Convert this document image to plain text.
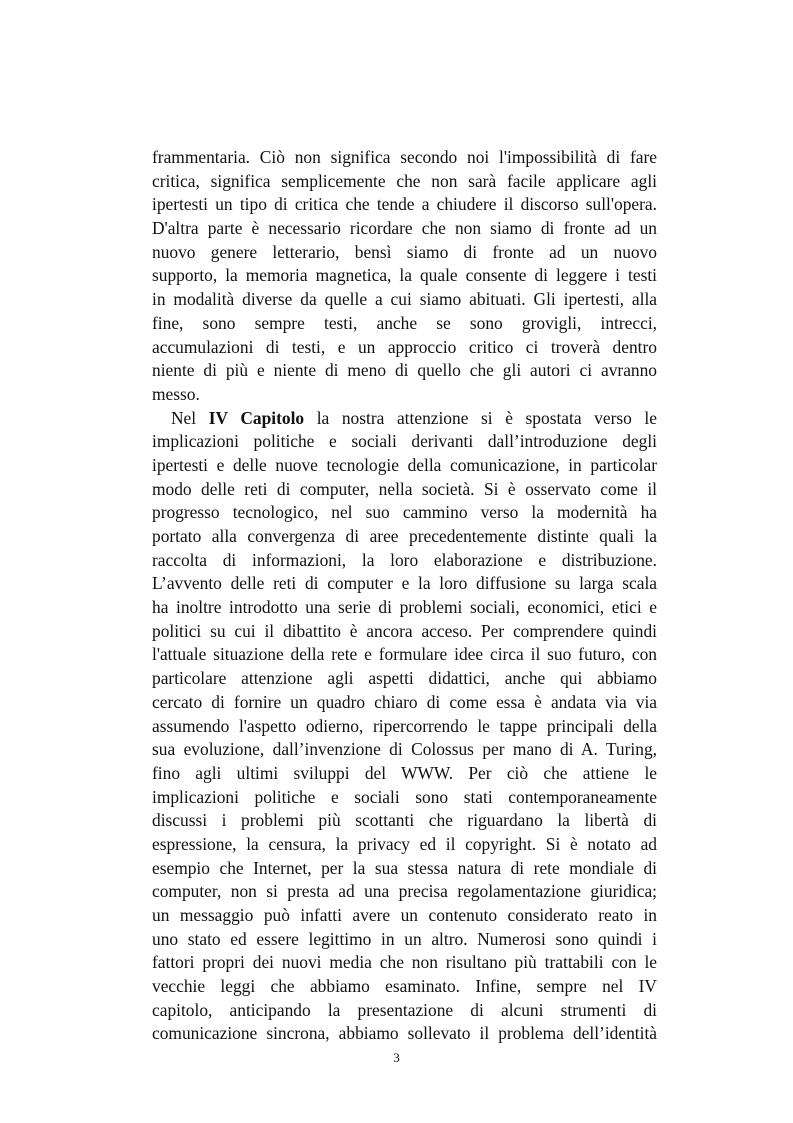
frammentaria. Ciò non significa secondo noi l'impossibilità di fare
critica, significa semplicemente che non sarà facile applicare agli
ipertesti un tipo di critica che tende a chiudere il discorso sull'opera.
D'altra parte è necessario ricordare che non siamo di fronte ad un
nuovo genere letterario, bensì siamo di fronte ad un nuovo
supporto, la memoria magnetica, la quale consente di leggere i testi
in modalità diverse da quelle a cui siamo abituati. Gli ipertesti, alla
fine, sono sempre testi, anche se sono grovigli, intrecci,
accumulazioni di testi, e un approccio critico ci troverà dentro
niente di più e niente di meno di quello che gli autori ci avranno
messo.
Nel IV Capitolo la nostra attenzione si è spostata verso le
implicazioni politiche e sociali derivanti dall’introduzione degli
ipertesti e delle nuove tecnologie della comunicazione, in particolar
modo delle reti di computer, nella società. Si è osservato come il
progresso tecnologico, nel suo cammino verso la modernità ha
portato alla convergenza di aree precedentemente distinte quali la
raccolta di informazioni, la loro elaborazione e distribuzione.
L’avvento delle reti di computer e la loro diffusione su larga scala
ha inoltre introdotto una serie di problemi sociali, economici, etici e
politici su cui il dibattito è ancora acceso. Per comprendere quindi
l'attuale situazione della rete e formulare idee circa il suo futuro, con
particolare attenzione agli aspetti didattici, anche qui abbiamo
cercato di fornire un quadro chiaro di come essa è andata via via
assumendo l'aspetto odierno, ripercorrendo le tappe principali della
sua evoluzione, dall’invenzione di Colossus per mano di A. Turing,
fino agli ultimi sviluppi del WWW. Per ciò che attiene le
implicazioni politiche e sociali sono stati contemporaneamente
discussi i problemi più scottanti che riguardano la libertà di
espressione, la censura, la privacy ed il copyright. Si è notato ad
esempio che Internet, per la sua stessa natura di rete mondiale di
computer, non si presta ad una precisa regolamentazione giuridica;
un messaggio può infatti avere un contenuto considerato reato in
uno stato ed essere legittimo in un altro. Numerosi sono quindi i
fattori propri dei nuovi media che non risultano più trattabili con le
vecchie leggi che abbiamo esaminato. Infine, sempre nel IV
capitolo, anticipando la presentazione di alcuni strumenti di
comunicazione sincrona, abbiamo sollevato il problema dell’identità
3
